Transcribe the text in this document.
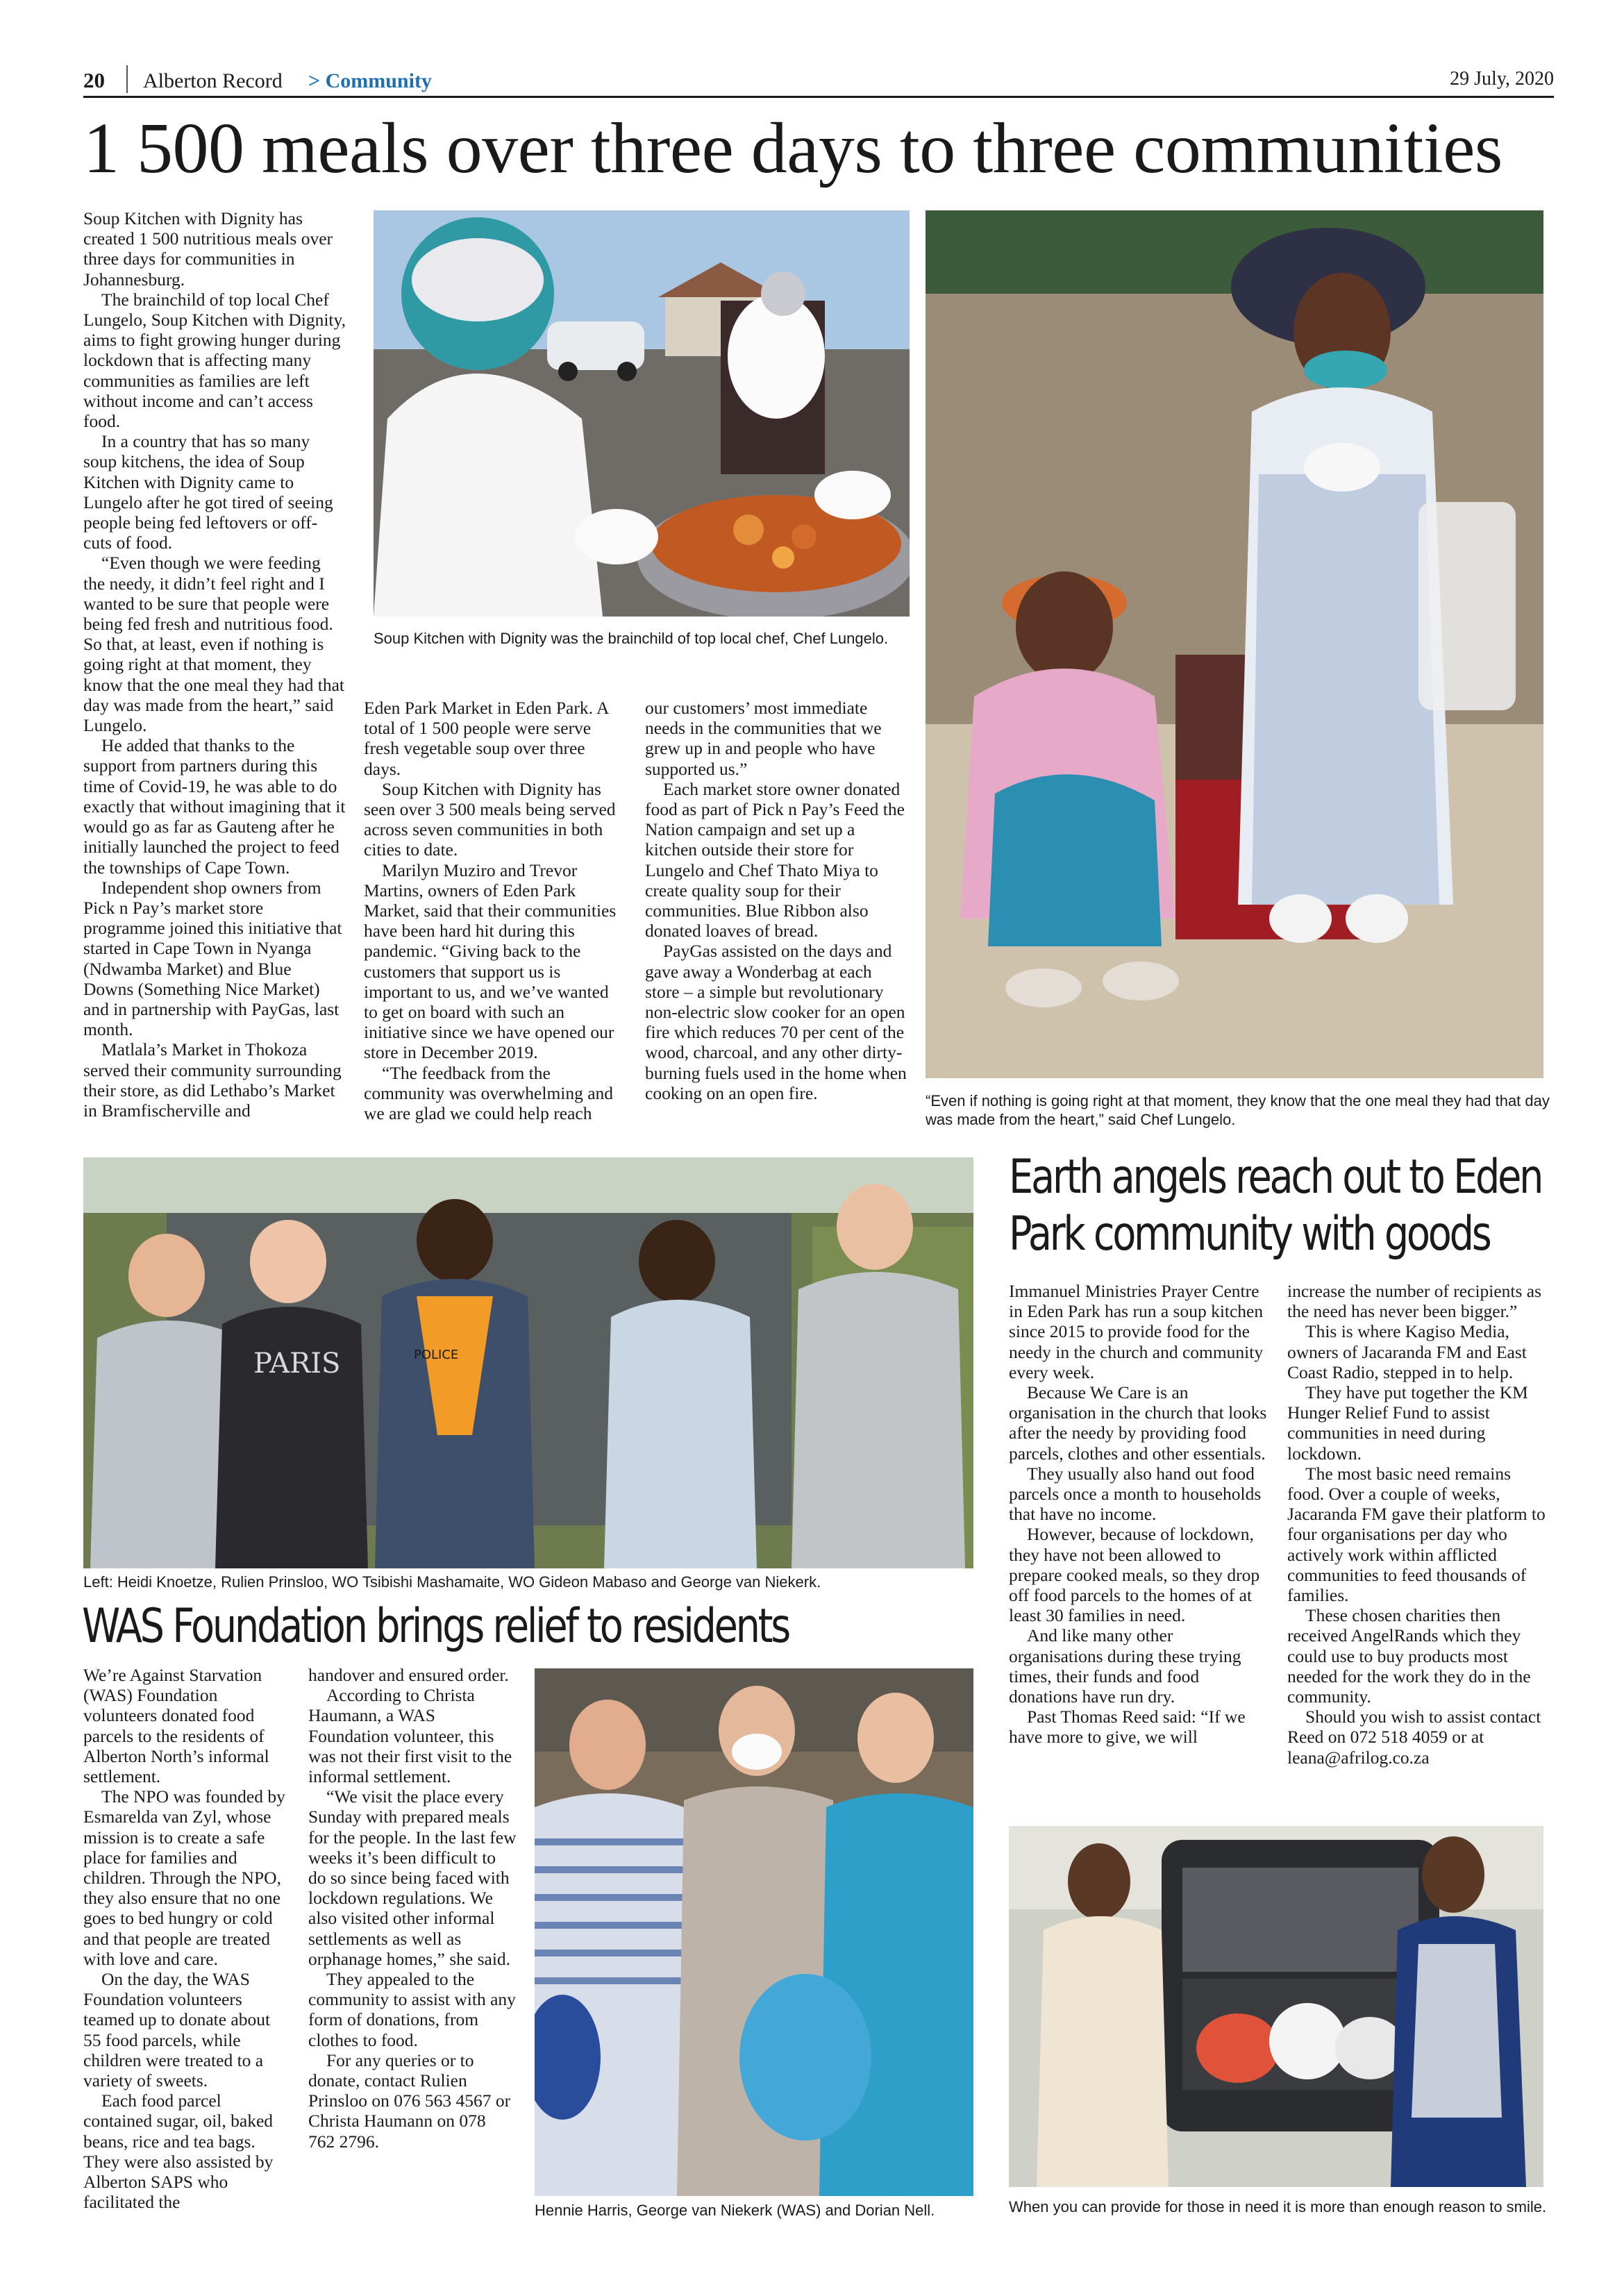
20 Alberton Record > Community	29 July, 2020
1 500 meals over three days to three communities

Soup Kitchen with Dignity has created 1 500 nutritious meals over three days for communities in Johannesburg.

The brainchild of top local Chef Lungelo, Soup Kitchen with Dignity, aims to fight growing hunger during lockdown that is affecting many communities as families are left without income and can’t access food.

In a country that has so many soup kitchens, the idea of Soup Kitchen with Dignity came to Lungelo after he got tired of seeing people being fed leftovers or off-cuts of food.

“Even though we were feeding the needy, it didn’t feel right and I wanted to be sure that people were being fed fresh and nutritious food. So that, at least, even if nothing is going right at that moment, they know that the one meal they had that day was made from the heart,” said Lungelo.

He added that thanks to the support from partners during this time of Covid-19, he was able to do exactly that without imagining that it would go as far as Gauteng after he initially launched the project to feed the townships of Cape Town.

Independent shop owners from Pick n Pay’s market store programme joined this initiative that started in Cape Town in Nyanga (Ndwamba Market) and Blue Downs (Something Nice Market) and in partnership with PayGas, last month.

Matlala’s Market in Thokoza served their community surrounding their store, as did Lethabo’s Market in Bramfischerville and

Soup Kitchen with Dignity was the brainchild of top local chef, Chef Lungelo.

Eden Park Market in Eden Park. A total of 1 500 people were serve fresh vegetable soup over three days.

Soup Kitchen with Dignity has seen over 3 500 meals being served across seven communities in both cities to date.

Marilyn Muziro and Trevor Martins, owners of Eden Park Market, said that their communities have been hard hit during this pandemic. “Giving back to the customers that support us is important to us, and we’ve wanted to get on board with such an initiative since we have opened our store in December 2019.

“The feedback from the community was overwhelming and we are glad we could help reach

our customers’ most immediate needs in the communities that we grew up in and people who have supported us.”

Each market store owner donated food as part of Pick n Pay’s Feed the Nation campaign and set up a kitchen outside their store for Lungelo and Chef Thato Miya to create quality soup for their communities. Blue Ribbon also donated loaves of bread.

PayGas assisted on the days and gave away a Wonderbag at each store – a simple but revolutionary non-electric slow cooker for an open fire which reduces 70 per cent of the wood, charcoal, and any other dirty-burning fuels used in the home when cooking on an open fire.	“Even if nothing is going right at that moment, they know that the one meal they had that day was made from the heart,” said Chef Lungelo.
PARIS	POLICE
Left: Heidi Knoetze, Rulien Prinsloo, WO Tsibishi Mashamaite, WO Gideon Mabaso and George van Niekerk.
WAS Foundation brings relief to residents

We’re Against Starvation (WAS) Foundation volunteers donated food parcels to the residents of Alberton North’s informal settlement.

The NPO was founded by Esmarelda van Zyl, whose mission is to create a safe place for families and children. Through the NPO, they also ensure that no one goes to bed hungry or cold and that people are treated with love and care.

On the day, the WAS Foundation volunteers teamed up to donate about 55 food parcels, while children were treated to a variety of sweets.

Each food parcel contained sugar, oil, baked beans, rice and tea bags. They were also assisted by Alberton SAPS who facilitated the

handover and ensured order.

According to Christa Haumann, a WAS Foundation volunteer, this was not their first visit to the informal settlement.

“We visit the place every Sunday with prepared meals for the people. In the last few weeks it’s been difficult to do so since being faced with lockdown regulations. We also visited other informal settlements as well as orphanage homes,” she said.

They appealed to the community to assist with any form of donations, from clothes to food.

For any queries or to donate, contact Rulien Prinsloo on 076 563 4567 or Christa Haumann on 078 762 2796.

Hennie Harris, George van Niekerk (WAS) and Dorian Nell.
Earth angels reach out to Eden
Park community with goods

Immanuel Ministries Prayer Centre in Eden Park has run a soup kitchen since 2015 to provide food for the needy in the church and community every week.

Because We Care is an organisation in the church that looks after the needy by providing food parcels, clothes and other essentials.

They usually also hand out food parcels once a month to households that have no income.

However, because of lockdown, they have not been allowed to prepare cooked meals, so they drop off food parcels to the homes of at least 30 families in need.

And like many other organisations during these trying times, their funds and food donations have run dry.

Past Thomas Reed said: “If we have more to give, we will

increase the number of recipients as the need has never been bigger.”

This is where Kagiso Media, owners of Jacaranda FM and East Coast Radio, stepped in to help.

They have put together the KM Hunger Relief Fund to assist communities in need during lockdown.

The most basic need remains food. Over a couple of weeks, Jacaranda FM gave their platform to four organisations per day who actively work within afflicted communities to feed thousands of families.

These chosen charities then received AngelRands which they could use to buy products most needed for the work they do in the community.

Should you wish to assist contact Reed on 072 518 4059 or at leana@afrilog.co.za

When you can provide for those in need it is more than enough reason to smile.
